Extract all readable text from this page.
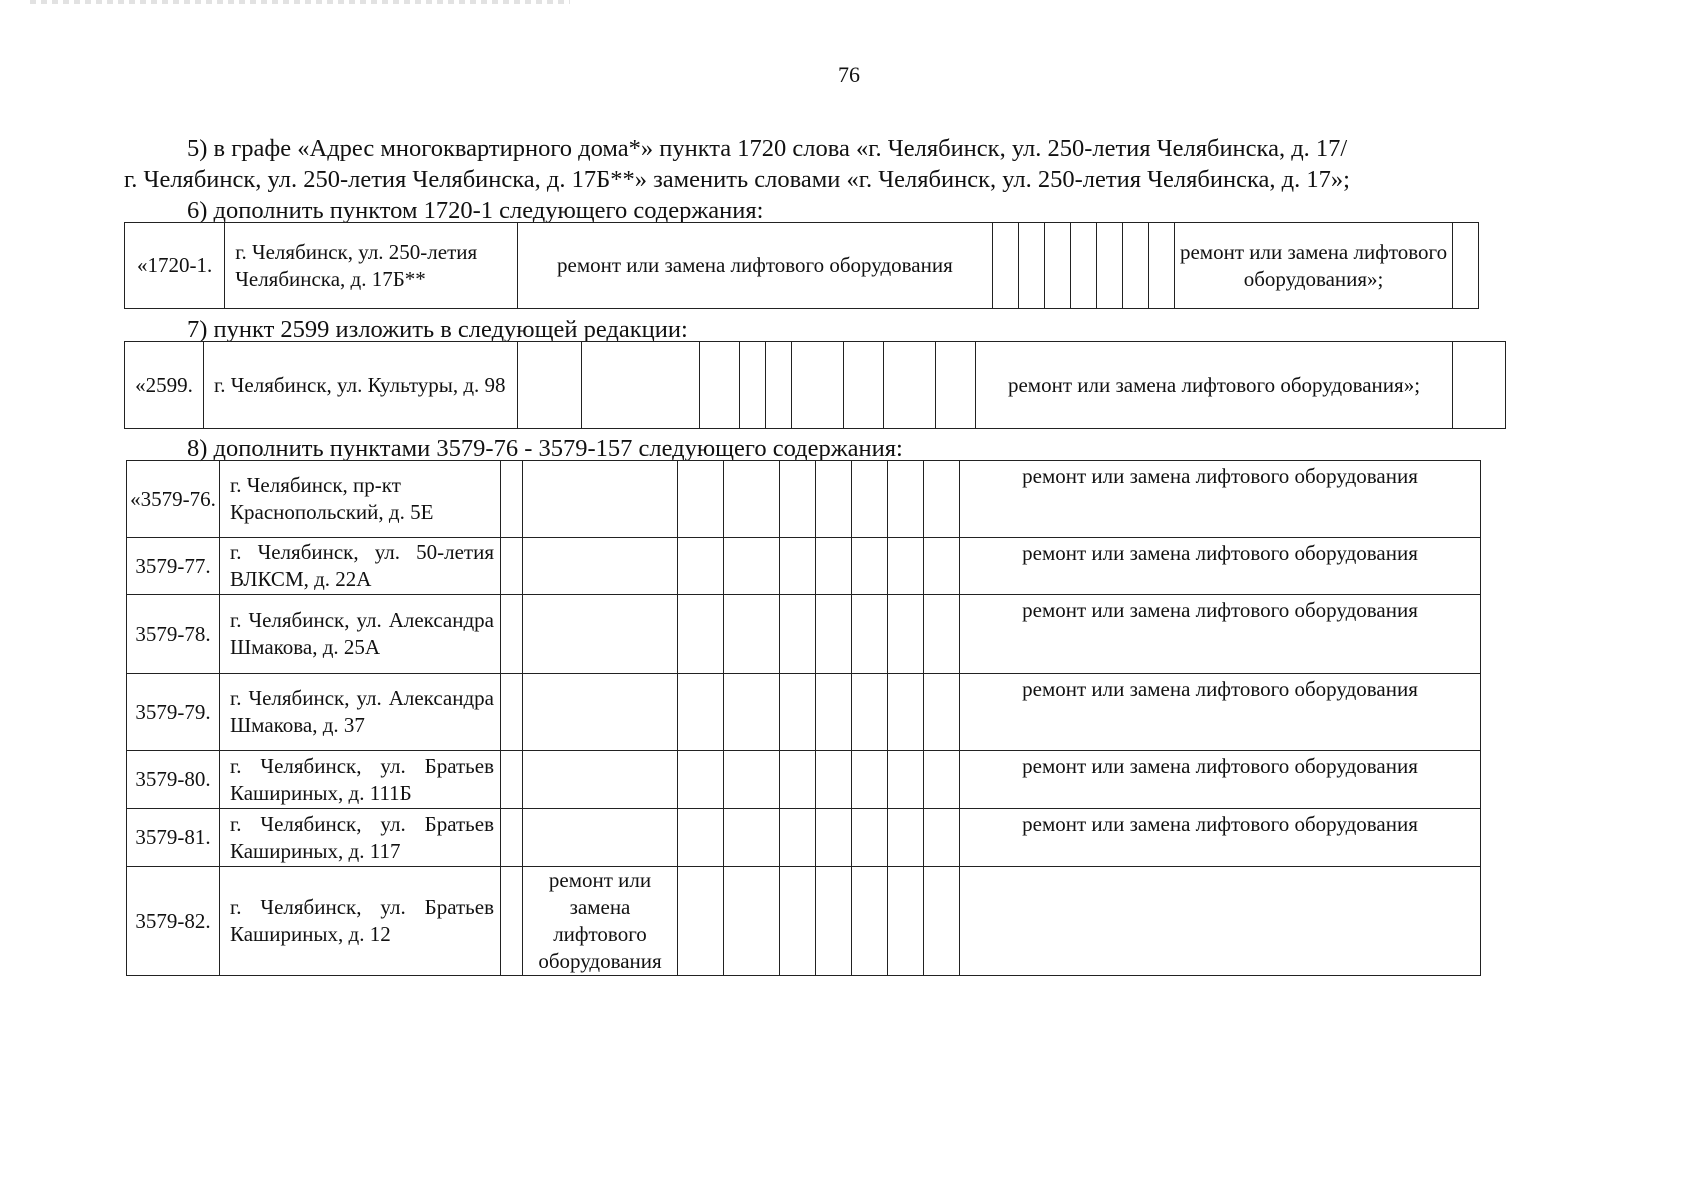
76
5) в графе «Адрес многоквартирного дома*» пункта 1720 слова «г. Челябинск, ул. 250-летия Челябинска, д. 17/
г. Челябинск, ул. 250-летия Челябинска, д. 17Б**» заменить словами «г. Челябинск, ул. 250-летия Челябинска, д. 17»;
6) дополнить пунктом 1720-1 следующего содержания:
«1720-1.	г. Челябинск, ул. 250-летия Челябинска, д. 17Б**	ремонт или замена лифтового оборудования								ремонт или замена лифтового оборудования»;	
7) пункт 2599 изложить в следующей редакции:
«2599.	г. Челябинск, ул. Культуры, д. 98										ремонт или замена лифтового оборудования»;	
8) дополнить пунктами 3579-76 - 3579-157 следующего содержания:
«3579-76.	г. Челябинск, пр-кт Краснопольский, д. 5Е										ремонт или замена лифтового оборудования
3579-77.	г. Челябинск, ул. 50-летия ВЛКСМ, д. 22А										ремонт или замена лифтового оборудования
3579-78.	г. Челябинск, ул. Александра Шмакова, д. 25А										ремонт или замена лифтового оборудования
3579-79.	г. Челябинск, ул. Александра Шмакова, д. 37										ремонт или замена лифтового оборудования
3579-80.	г. Челябинск, ул. Братьев Кашириных, д. 111Б										ремонт или замена лифтового оборудования
3579-81.	г. Челябинск, ул. Братьев Кашириных, д. 117										ремонт или замена лифтового оборудования
3579-82.	г. Челябинск, ул. Братьев Кашириных, д. 12		ремонт или замена лифтового оборудования								
